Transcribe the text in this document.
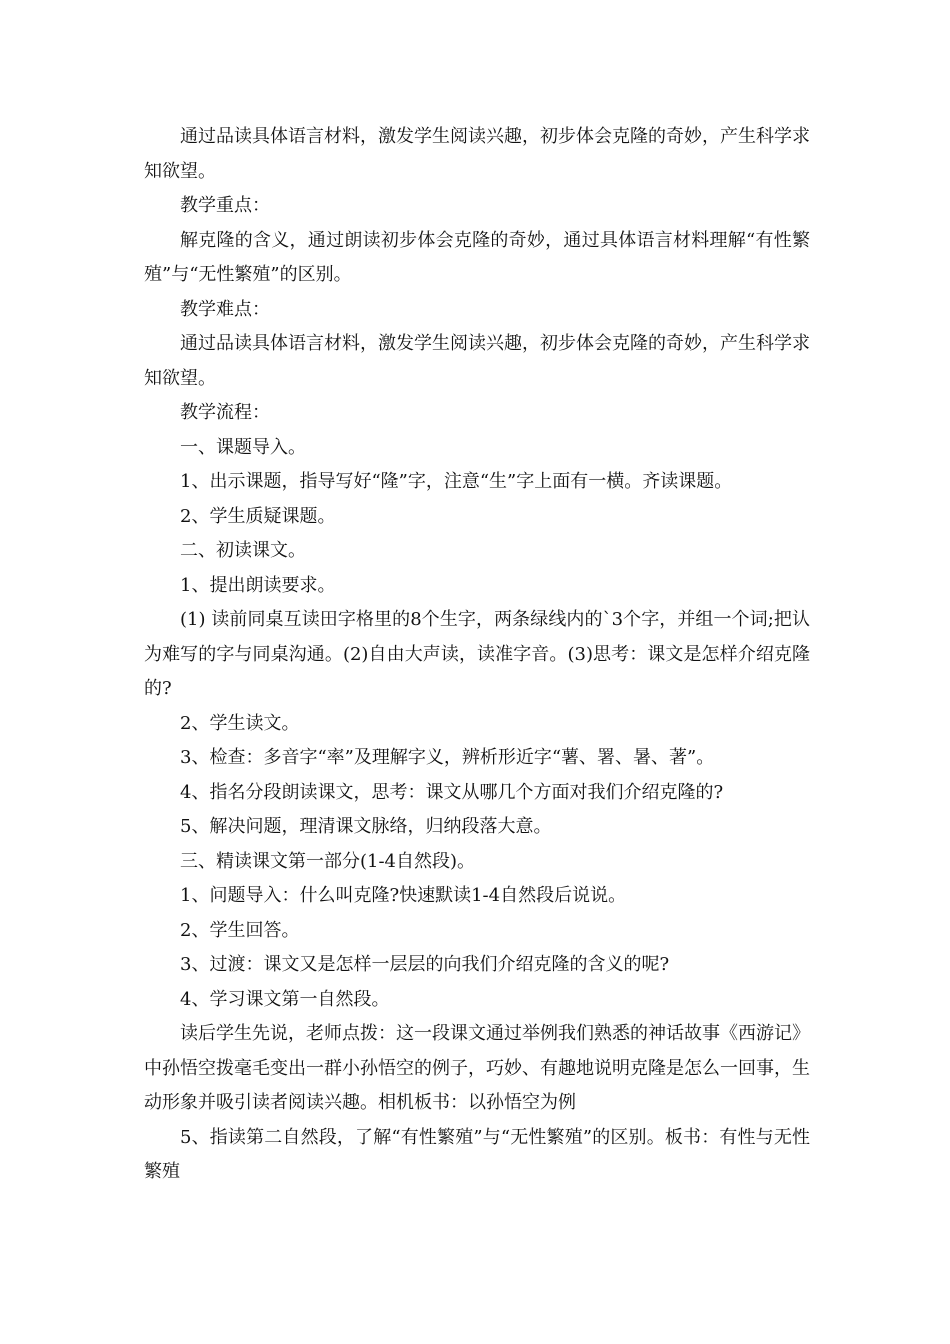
通过品读具体语言材料，激发学生阅读兴趣，初步体会克隆的奇妙，产生科学求知欲望。

教学重点：

解克隆的含义，通过朗读初步体会克隆的奇妙，通过具体语言材料理解“有性繁殖”与“无性繁殖”的区别。

教学难点：

通过品读具体语言材料，激发学生阅读兴趣，初步体会克隆的奇妙，产生科学求知欲望。

教学流程：

一、课题导入。

1、出示课题，指导写好“隆”字，注意“生”字上面有一横。齐读课题。

2、学生质疑课题。

二、初读课文。

1、提出朗读要求。

(1) 读前同桌互读田字格里的8个生字，两条绿线内的`3个字，并组一个词;把认为难写的字与同桌沟通。(2)自由大声读，读准字音。(3)思考：课文是怎样介绍克隆的?

2、学生读文。

3、检查：多音字“率”及理解字义，辨析形近字“薯、署、暑、著”。

4、指名分段朗读课文，思考：课文从哪几个方面对我们介绍克隆的?

5、解决问题，理清课文脉络，归纳段落大意。

三、精读课文第一部分(1-4自然段)。

1、问题导入：什么叫克隆?快速默读1-4自然段后说说。

2、学生回答。

3、过渡：课文又是怎样一层层的向我们介绍克隆的含义的呢?

4、学习课文第一自然段。

读后学生先说，老师点拨：这一段课文通过举例我们熟悉的神话故事《西游记》中孙悟空拨毫毛变出一群小孙悟空的例子，巧妙、有趣地说明克隆是怎么一回事，生动形象并吸引读者阅读兴趣。相机板书：以孙悟空为例

5、指读第二自然段，了解“有性繁殖”与“无性繁殖”的区别。板书：有性与无性繁殖
